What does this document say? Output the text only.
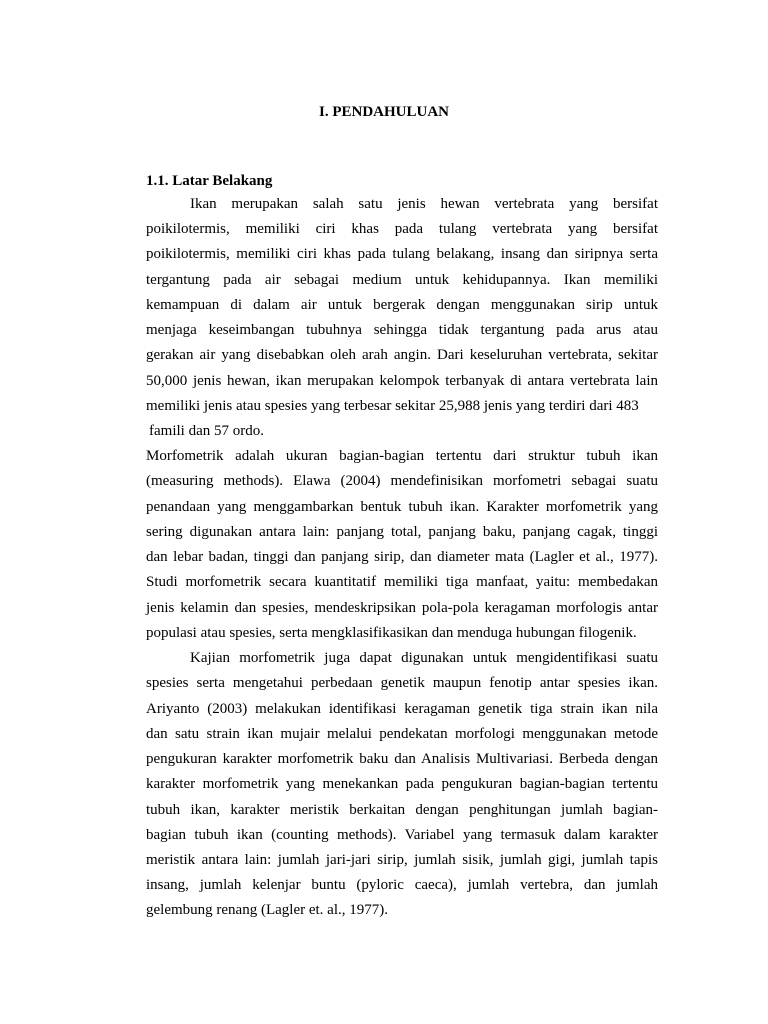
I. PENDAHULUAN
1.1. Latar Belakang
Ikan merupakan salah satu jenis hewan vertebrata yang bersifat
poikilotermis, memiliki ciri khas pada tulang vertebrata yang bersifat
poikilotermis, memiliki ciri khas pada tulang belakang, insang dan siripnya serta
tergantung pada air sebagai medium untuk kehidupannya. Ikan memiliki
kemampuan di dalam air untuk bergerak dengan menggunakan sirip untuk
menjaga keseimbangan tubuhnya sehingga tidak tergantung pada arus atau
gerakan air yang disebabkan oleh arah angin. Dari keseluruhan vertebrata, sekitar
50,000 jenis hewan, ikan merupakan kelompok terbanyak di antara vertebrata lain
memiliki jenis atau spesies yang terbesar sekitar 25,988 jenis yang terdiri dari 483
famili dan 57 ordo.
Morfometrik adalah ukuran bagian-bagian tertentu dari struktur tubuh ikan
(measuring methods). Elawa (2004) mendefinisikan morfometri sebagai suatu
penandaan yang menggambarkan bentuk tubuh ikan. Karakter morfometrik yang
sering digunakan antara lain: panjang total, panjang baku, panjang cagak, tinggi
dan lebar badan, tinggi dan panjang sirip, dan diameter mata (Lagler et al., 1977).
Studi morfometrik secara kuantitatif memiliki tiga manfaat, yaitu: membedakan
jenis kelamin dan spesies, mendeskripsikan pola-pola keragaman morfologis antar
populasi atau spesies, serta mengklasifikasikan dan menduga hubungan filogenik.
Kajian morfometrik juga dapat digunakan untuk mengidentifikasi suatu
spesies serta mengetahui perbedaan genetik maupun fenotip antar spesies ikan.
Ariyanto (2003) melakukan identifikasi keragaman genetik tiga strain ikan nila
dan satu strain ikan mujair melalui pendekatan morfologi menggunakan metode
pengukuran karakter morfometrik baku dan Analisis Multivariasi. Berbeda dengan
karakter morfometrik yang menekankan pada pengukuran bagian-bagian tertentu
tubuh ikan, karakter meristik berkaitan dengan penghitungan jumlah bagian-
bagian tubuh ikan (counting methods). Variabel yang termasuk dalam karakter
meristik antara lain: jumlah jari-jari sirip, jumlah sisik, jumlah gigi, jumlah tapis
insang, jumlah kelenjar buntu (pyloric caeca), jumlah vertebra, dan jumlah
gelembung renang (Lagler et. al., 1977).
